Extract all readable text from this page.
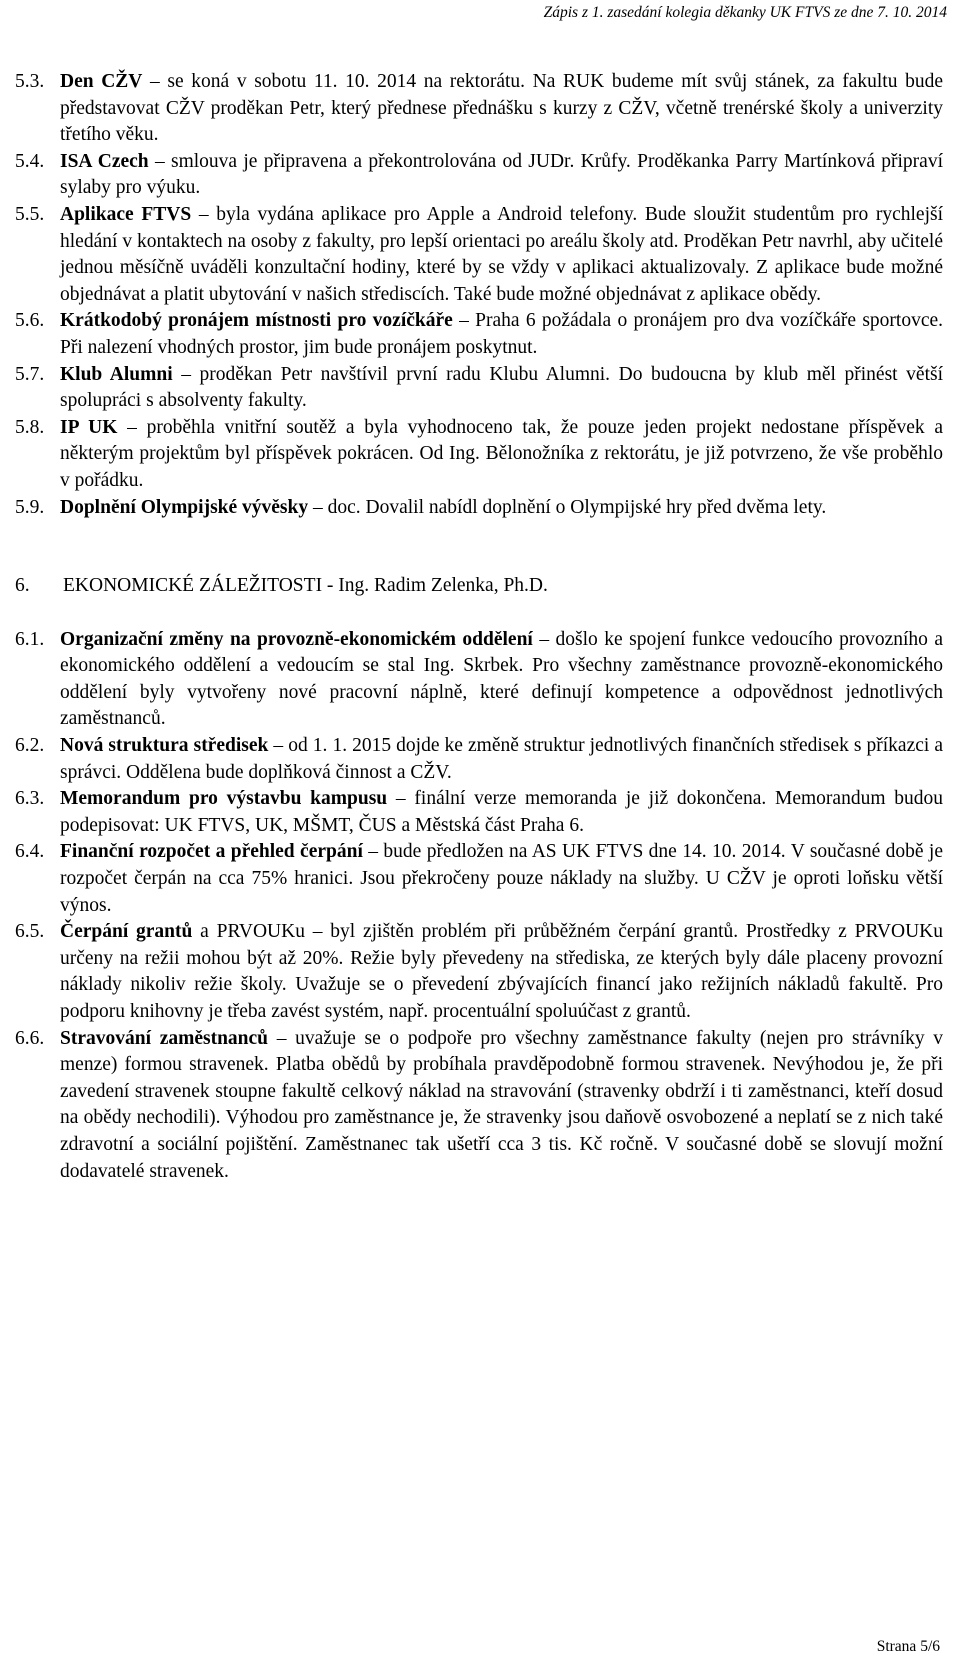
Zápis z 1. zasedání kolegia děkanky UK FTVS ze dne 7. 10. 2014
5.3. Den CŽV – se koná v sobotu 11. 10. 2014 na rektorátu. Na RUK budeme mít svůj stánek, za fakultu bude představovat CŽV proděkan Petr, který přednese přednášku s kurzy z CŽV, včetně trenérské školy a univerzity třetího věku.
5.4. ISA Czech – smlouva je připravena a překontrolována od JUDr. Krůfy. Proděkanka Parry Martínková připraví sylaby pro výuku.
5.5. Aplikace FTVS – byla vydána aplikace pro Apple a Android telefony. Bude sloužit studentům pro rychlejší hledání v kontaktech na osoby z fakulty, pro lepší orientaci po areálu školy atd. Proděkan Petr navrhl, aby učitelé jednou měsíčně uváděli konzultační hodiny, které by se vždy v aplikaci aktualizovaly. Z aplikace bude možné objednávat a platit ubytování v našich střediscích. Také bude možné objednávat z aplikace obědy.
5.6. Krátkodobý pronájem místnosti pro vozíčkáře – Praha 6 požádala o pronájem pro dva vozíčkáře sportovce. Při nalezení vhodných prostor, jim bude pronájem poskytnut.
5.7. Klub Alumni – proděkan Petr navštívil první radu Klubu Alumni. Do budoucna by klub měl přinést větší spolupráci s absolventy fakulty.
5.8. IP UK – proběhla vnitřní soutěž a byla vyhodnoceno tak, že pouze jeden projekt nedostane příspěvek a některým projektům byl příspěvek pokrácen. Od Ing. Bělonožníka z rektorátu, je již potvrzeno, že vše proběhlo v pořádku.
5.9. Doplnění Olympijské vývěsky – doc. Dovalil nabídl doplnění o Olympijské hry před dvěma lety.
6. EKONOMICKÉ ZÁLEŽITOSTI - Ing. Radim Zelenka, Ph.D.
6.1. Organizační změny na provozně-ekonomickém oddělení – došlo ke spojení funkce vedoucího provozního a ekonomického oddělení a vedoucím se stal Ing. Skrbek. Pro všechny zaměstnance provozně-ekonomického oddělení byly vytvořeny nové pracovní náplně, které definují kompetence a odpovědnost jednotlivých zaměstnanců.
6.2. Nová struktura středisek – od 1. 1. 2015 dojde ke změně struktur jednotlivých finančních středisek s příkazci a správci. Oddělena bude doplňková činnost a CŽV.
6.3. Memorandum pro výstavbu kampusu – finální verze memoranda je již dokončena. Memorandum budou podepisovat: UK FTVS, UK, MŠMT, ČUS a Městská část Praha 6.
6.4. Finanční rozpočet a přehled čerpání – bude předložen na AS UK FTVS dne 14. 10. 2014. V současné době je rozpočet čerpán na cca 75% hranici. Jsou překročeny pouze náklady na služby. U CŽV je oproti loňsku větší výnos.
6.5. Čerpání grantů a PRVOUKu – byl zjištěn problém při průběžném čerpání grantů. Prostředky z PRVOUKu určeny na režii mohou být až 20%. Režie byly převedeny na střediska, ze kterých byly dále placeny provozní náklady nikoliv režie školy. Uvažuje se o převedení zbývajících financí jako režijních nákladů fakultě. Pro podporu knihovny je třeba zavést systém, např. procentuální spoluúčast z grantů.
6.6. Stravování zaměstnanců – uvažuje se o podpoře pro všechny zaměstnance fakulty (nejen pro strávníky v menze) formou stravenek. Platba obědů by probíhala pravděpodobně formou stravenek. Nevýhodou je, že při zavedení stravenek stoupne fakultě celkový náklad na stravování (stravenky obdrží i ti zaměstnanci, kteří dosud na obědy nechodili). Výhodou pro zaměstnance je, že stravenky jsou daňově osvobozené a neplatí se z nich také zdravotní a sociální pojištění. Zaměstnanec tak ušetří cca 3 tis. Kč ročně. V současné době se slovují možní dodavatelé stravenek.
Strana 5/6
